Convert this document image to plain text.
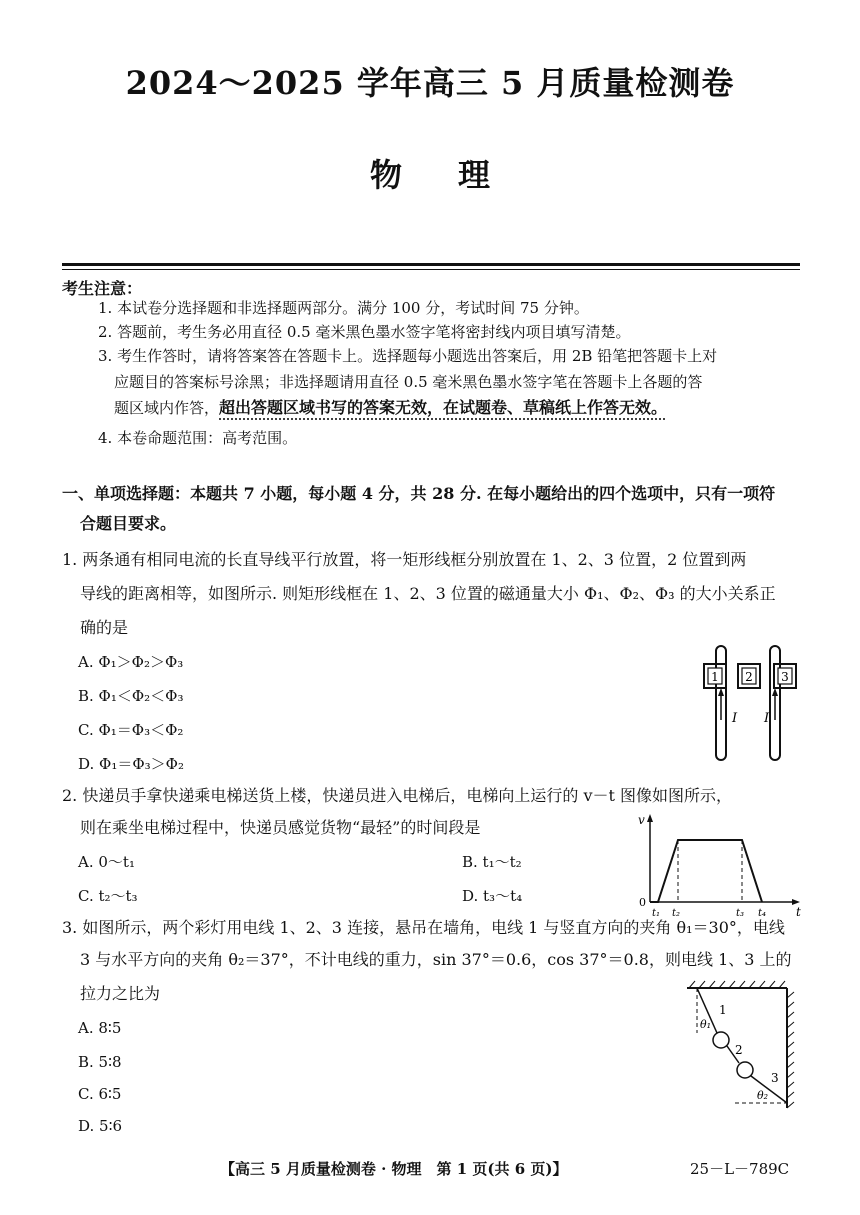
2024～2025 学年高三 5 月质量检测卷
物理
考生注意：
1. 本试卷分选择题和非选择题两部分。满分 100 分，考试时间 75 分钟。
2. 答题前，考生务必用直径 0.5 毫米黑色墨水签字笔将密封线内项目填写清楚。
3. 考生作答时，请将答案答在答题卡上。选择题每小题选出答案后，用 2B 铅笔把答题卡上对
应题目的答案标号涂黑；非选择题请用直径 0.5 毫米黑色墨水签字笔在答题卡上各题的答
题区域内作答，超出答题区域书写的答案无效，在试题卷、草稿纸上作答无效。
4. 本卷命题范围：高考范围。
一、单项选择题：本题共 7 小题，每小题 4 分，共 28 分. 在每小题给出的四个选项中，只有一项符
合题目要求。
1. 两条通有相同电流的长直导线平行放置，将一矩形线框分别放置在 1、2、3 位置，2 位置到两
导线的距离相等，如图所示. 则矩形线框在 1、2、3 位置的磁通量大小 Φ₁、Φ₂、Φ₃ 的大小关系正
确的是
A. Φ₁＞Φ₂＞Φ₃
B. Φ₁＜Φ₂＜Φ₃
C. Φ₁＝Φ₃＜Φ₂
D. Φ₁＝Φ₃＞Φ₂
1 2 3
I I
2. 快递员手拿快递乘电梯送货上楼，快递员进入电梯后，电梯向上运行的 v－t 图像如图所示，
则在乘坐电梯过程中，快递员感觉货物“最轻”的时间段是
A. 0～t₁	B. t₁～t₂
C. t₂～t₃	D. t₃～t₄
v
t
0
t₁ t₂	t₃ t₄
3. 如图所示，两个彩灯用电线 1、2、3 连接，悬吊在墙角，电线 1 与竖直方向的夹角 θ₁＝30°，电线
3 与水平方向的夹角 θ₂＝37°，不计电线的重力，sin 37°＝0.6，cos 37°＝0.8，则电线 1、3 上的
拉力之比为
A. 8∶5
B. 5∶8
C. 6∶5
D. 5∶6
1
2
3
θ₁
θ₂
【高三 5 月质量检测卷 · 物理　第 1 页(共 6 页)】	25－L－789C
